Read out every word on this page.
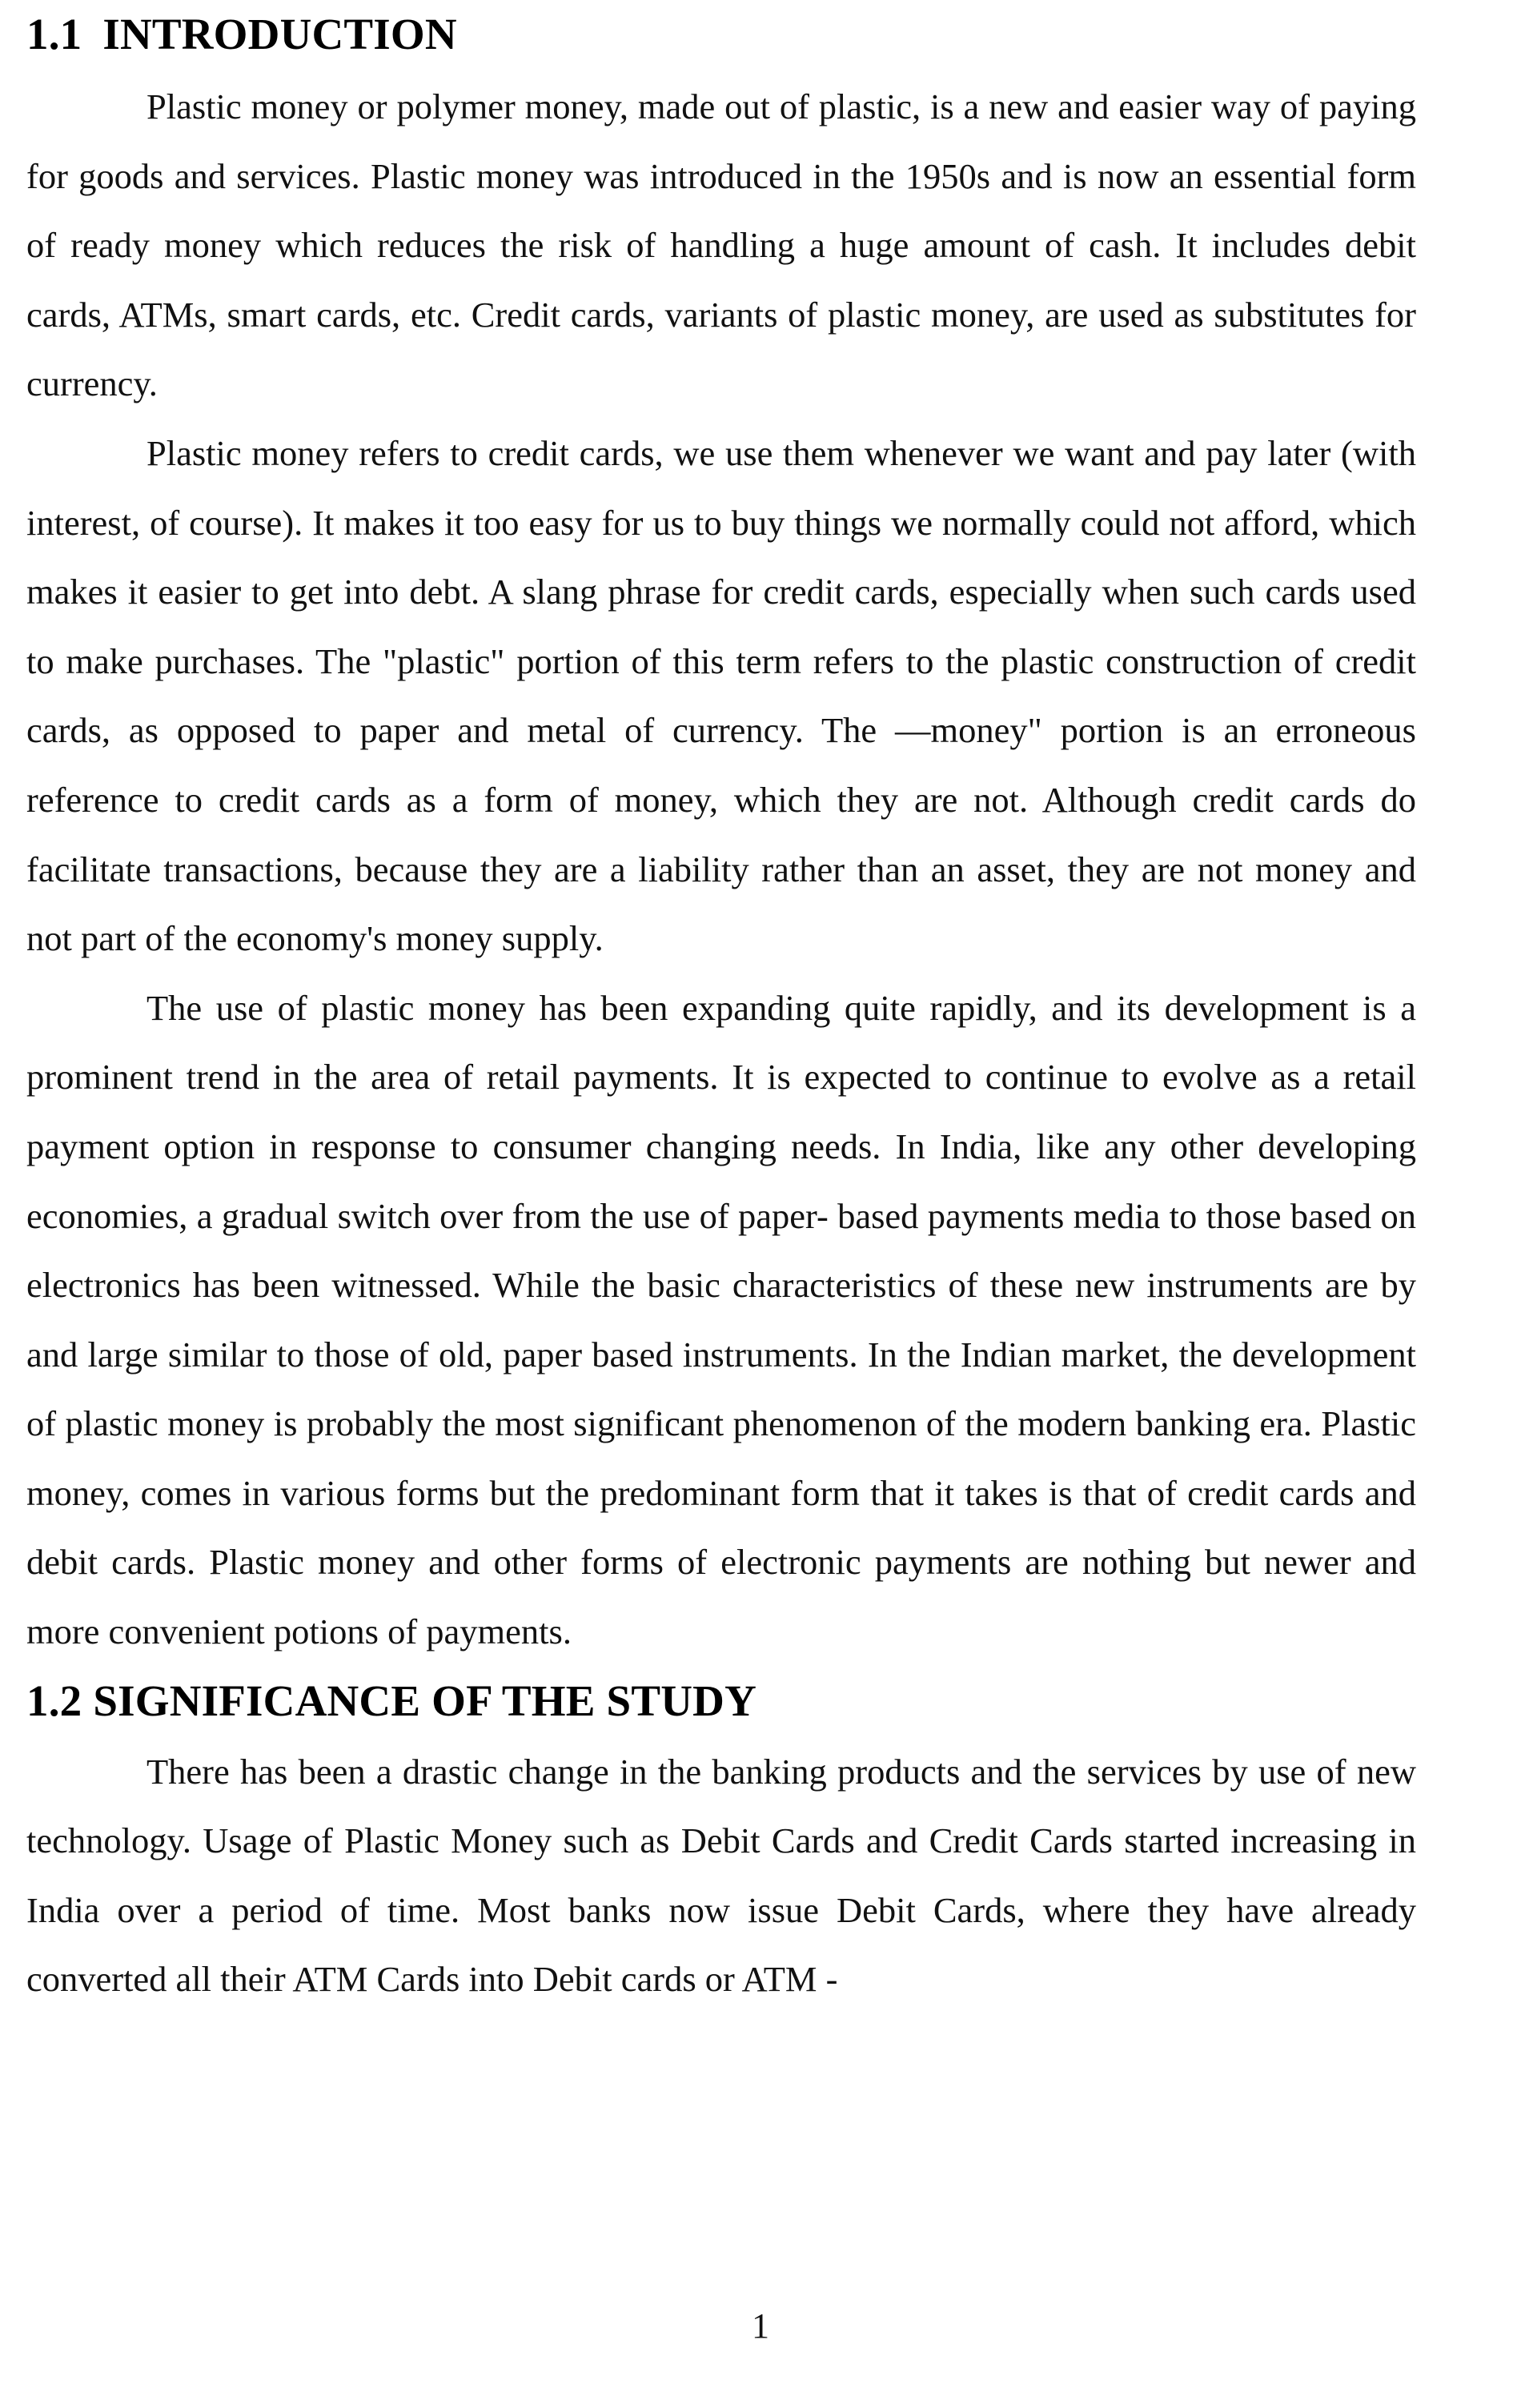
1.1 INTRODUCTION

Plastic money or polymer money, made out of plastic, is a new and easier way of paying for goods and services. Plastic money was introduced in the 1950s and is now an essential form of ready money which reduces the risk of handling a huge amount of cash. It includes debit cards, ATMs, smart cards, etc. Credit cards, variants of plastic money, are used as substitutes for currency.

Plastic money refers to credit cards, we use them whenever we want and pay later (with interest, of course). It makes it too easy for us to buy things we normally could not afford, which makes it easier to get into debt. A slang phrase for credit cards, especially when such cards used to make purchases. The "plastic" portion of this term refers to the plastic construction of credit cards, as opposed to paper and metal of currency. The ―money" portion is an erroneous reference to credit cards as a form of money, which they are not. Although credit cards do facilitate transactions, because they are a liability rather than an asset, they are not money and not part of the economy's money supply.

The use of plastic money has been expanding quite rapidly, and its development is a prominent trend in the area of retail payments. It is expected to continue to evolve as a retail payment option in response to consumer changing needs. In India, like any other developing economies, a gradual switch over from the use of paper- based payments media to those based on electronics has been witnessed. While the basic characteristics of these new instruments are by and large similar to those of old, paper based instruments. In the Indian market, the development of plastic money is probably the most significant phenomenon of the modern banking era. Plastic money, comes in various forms but the predominant form that it takes is that of credit cards and debit cards. Plastic money and other forms of electronic payments are nothing but newer and more convenient potions of payments.

1.2 SIGNIFICANCE OF THE STUDY

There has been a drastic change in the banking products and the services by use of new technology. Usage of Plastic Money such as Debit Cards and Credit Cards started increasing in India over a period of time. Most banks now issue Debit Cards, where they have already converted all their ATM Cards into Debit cards or ATM -

1
